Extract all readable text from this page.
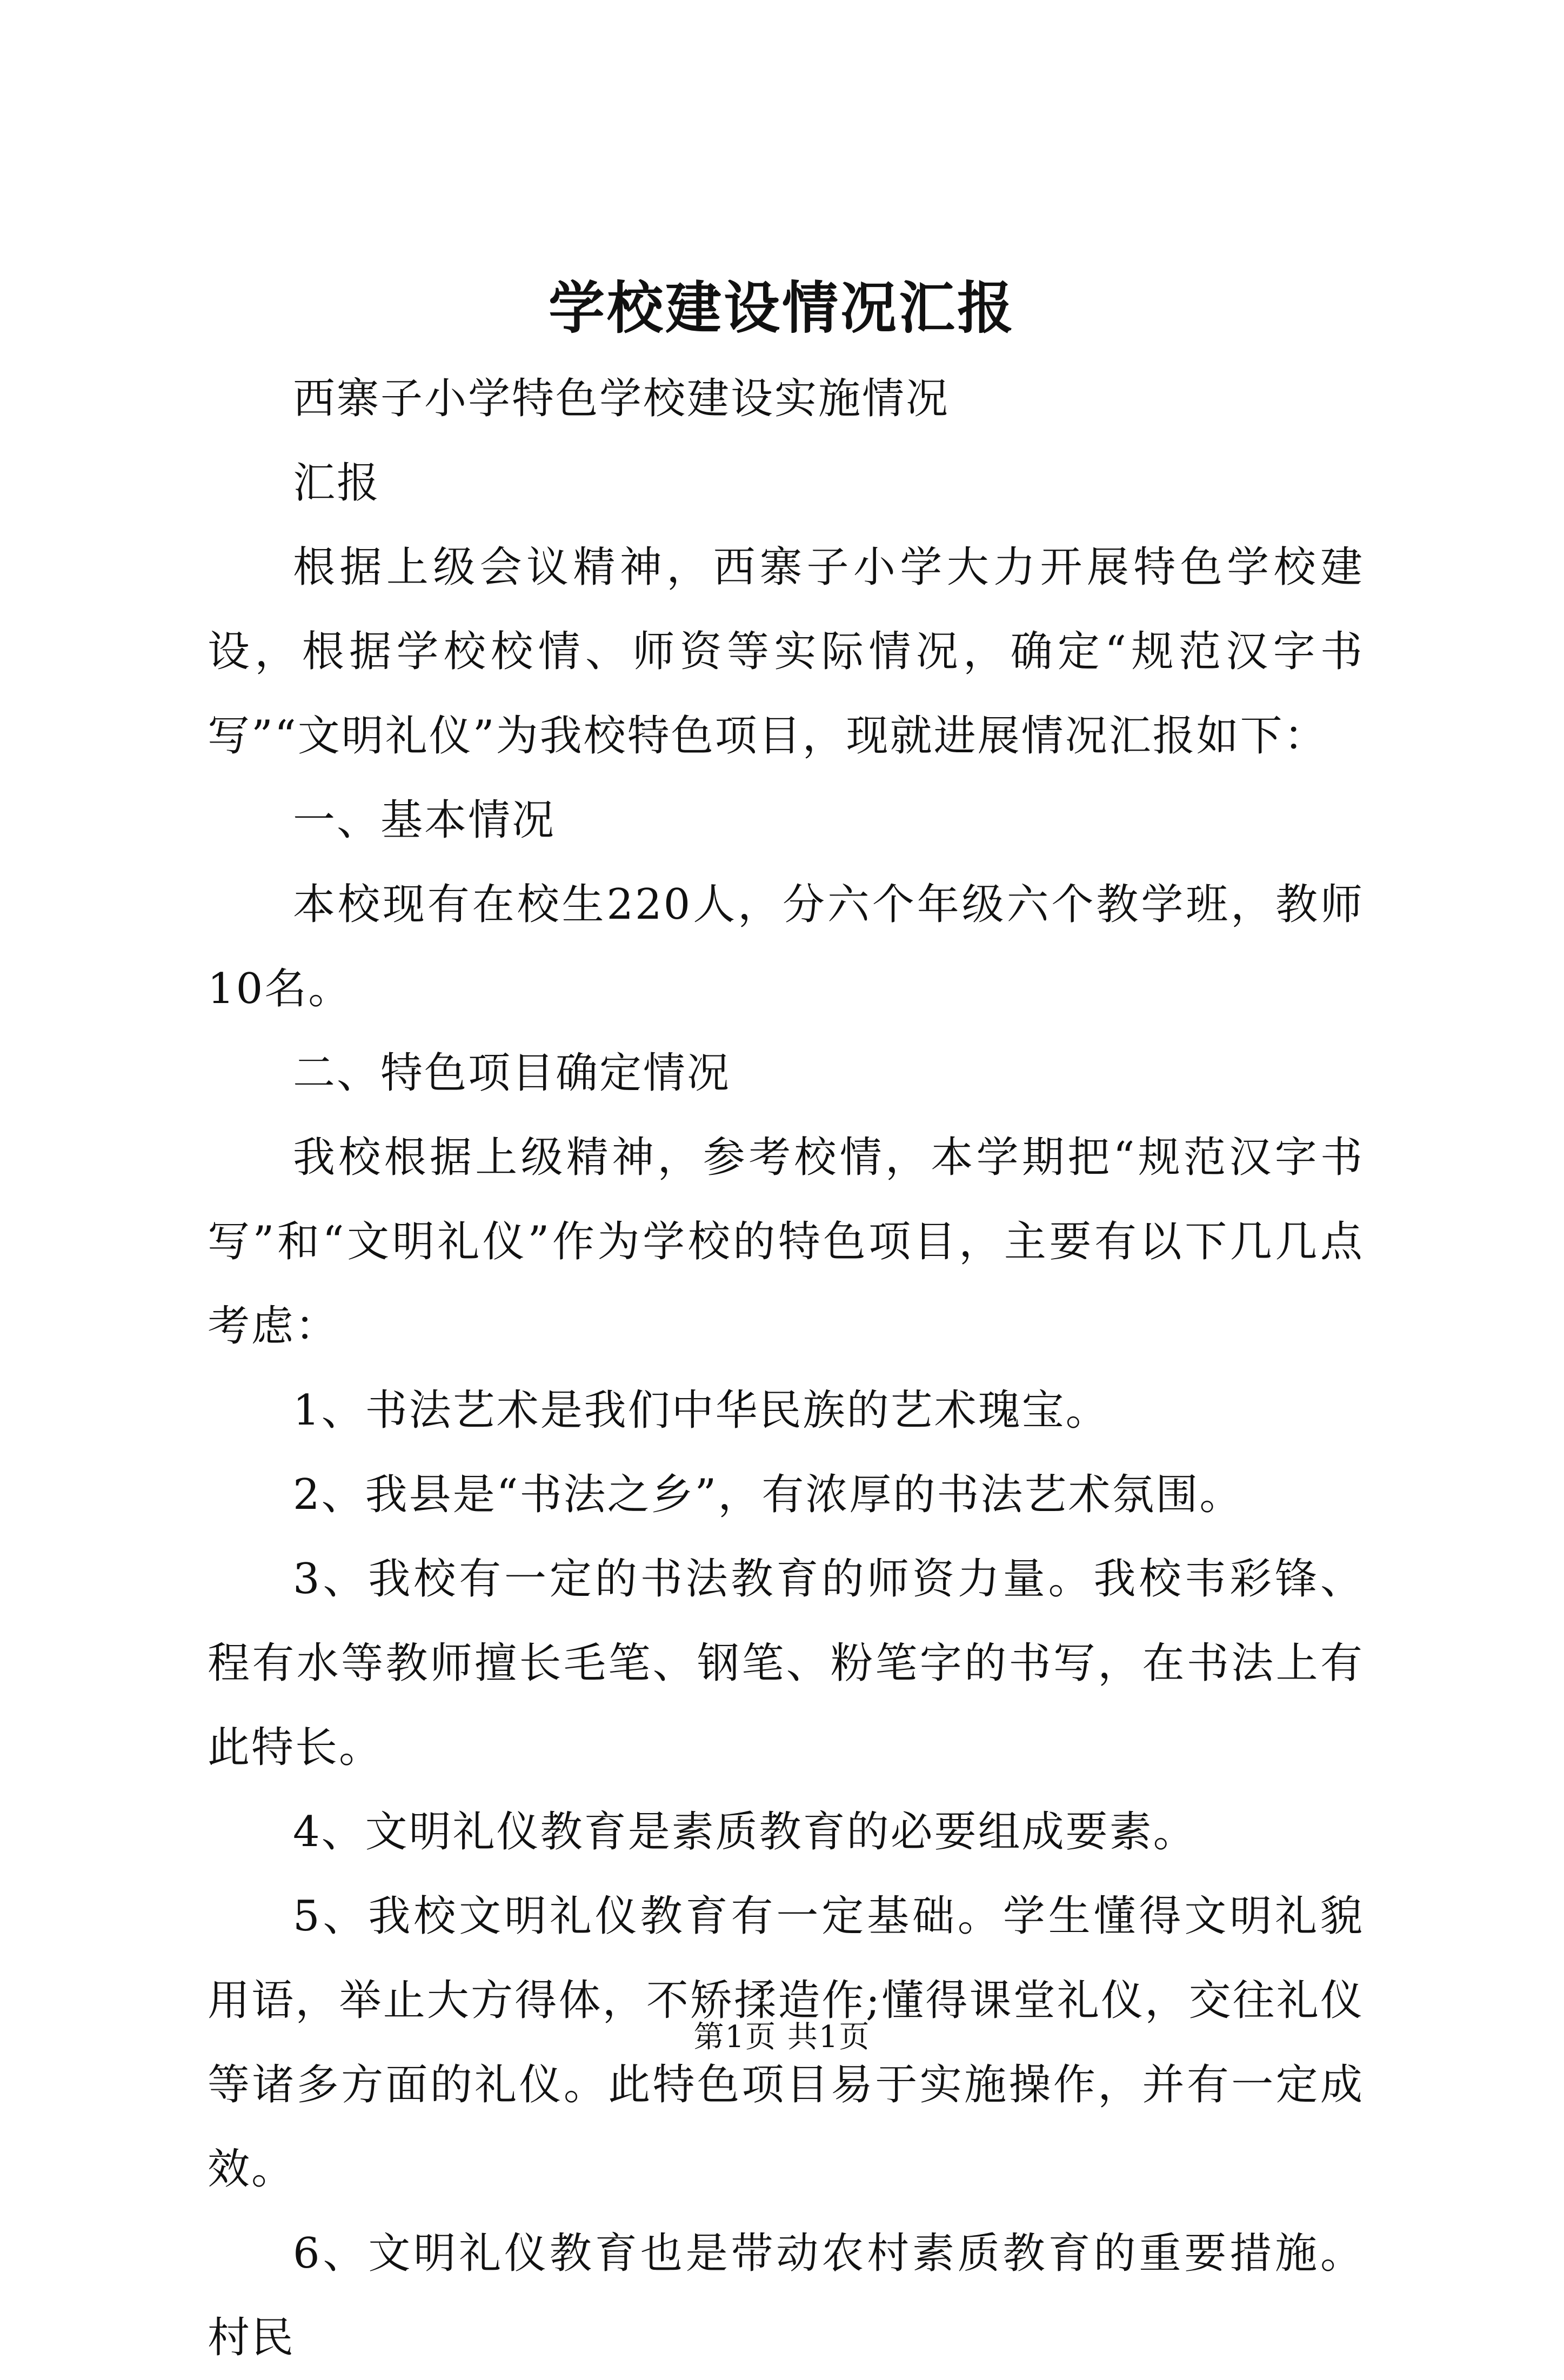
学校建设情况汇报

西寨子小学特色学校建设实施情况

汇报

根据上级会议精神，西寨子小学大力开展特色学校建设，根据学校校情、师资等实际情况，确定“规范汉字书写”“文明礼仪”为我校特色项目，现就进展情况汇报如下：

一、基本情况

本校现有在校生220人，分六个年级六个教学班，教师10名。

二、特色项目确定情况

我校根据上级精神，参考校情，本学期把“规范汉字书写”和“文明礼仪”作为学校的特色项目，主要有以下几几点考虑：

1、书法艺术是我们中华民族的艺术瑰宝。

2、我县是“书法之乡”，有浓厚的书法艺术氛围。

3、我校有一定的书法教育的师资力量。我校韦彩锋、程有水等教师擅长毛笔、钢笔、粉笔字的书写，在书法上有此特长。

4、文明礼仪教育是素质教育的必要组成要素。

5、我校文明礼仪教育有一定基础。学生懂得文明礼貌用语，举止大方得体，不矫揉造作;懂得课堂礼仪，交往礼仪等诸多方面的礼仪。此特色项目易于实施操作，并有一定成效。

6、文明礼仪教育也是带动农村素质教育的重要措施。村民

第1页 共1页
